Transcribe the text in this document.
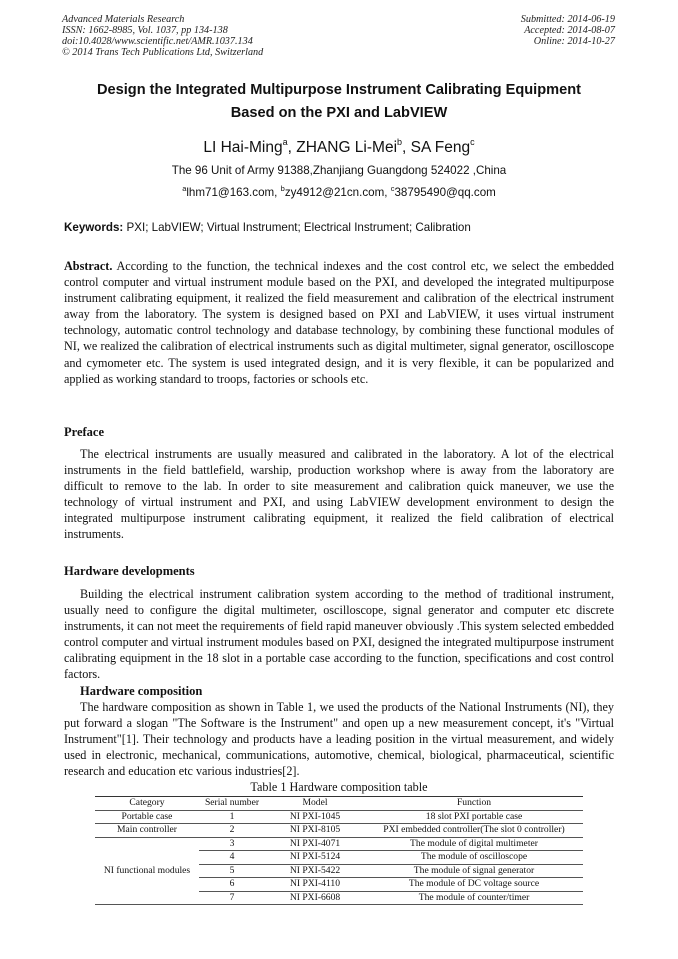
Advanced Materials Research
ISSN: 1662-8985, Vol. 1037, pp 134-138
doi:10.4028/www.scientific.net/AMR.1037.134
© 2014 Trans Tech Publications Ltd, Switzerland
Submitted: 2014-06-19
Accepted: 2014-08-07
Online: 2014-10-27
Design the Integrated Multipurpose Instrument Calibrating Equipment
Based on the PXI and LabVIEW
LI Hai-Ming$^a$, ZHANG Li-Mei$^b$, SA Feng$^c$
The 96 Unit of Army 91388,Zhanjiang Guangdong 524022 ,China
$^a$lhm71@163.com, $^b$zy4912@21cn.com, $^c$38795490@qq.com
Keywords: PXI; LabVIEW; Virtual Instrument; Electrical Instrument; Calibration
Abstract. According to the function, the technical indexes and the cost control etc, we select the embedded control computer and virtual instrument module based on the PXI, and developed the integrated multipurpose instrument calibrating equipment, it realized the field measurement and calibration of the electrical instrument away from the laboratory. The system is designed based on PXI and LabVIEW, it uses virtual instrument technology, automatic control technology and database technology, by combining these functional modules of NI, we realized the calibration of electrical instruments such as digital multimeter, signal generator, oscilloscope and cymometer etc. The system is used integrated design, and it is very flexible, it can be popularized and applied as working standard to troops, factories or schools etc.
Preface
The electrical instruments are usually measured and calibrated in the laboratory. A lot of the electrical instruments in the field battlefield, warship, production workshop where is away from the laboratory are difficult to remove to the lab. In order to site measurement and calibration quick maneuver, we use the technology of virtual instrument and PXI, and using LabVIEW development environment to design the integrated multipurpose instrument calibrating equipment, it realized the field calibration of electrical instruments.
Hardware developments
Building the electrical instrument calibration system according to the method of traditional instrument, usually need to configure the digital multimeter, oscilloscope, signal generator and computer etc discrete instruments, it can not meet the requirements of field rapid maneuver obviously .This system selected embedded control computer and virtual instrument modules based on PXI, designed the integrated multipurpose instrument calibrating equipment in the 18 slot in a portable case according to the function, specifications and cost control factors.
Hardware composition
The hardware composition as shown in Table 1, we used the products of the National Instruments (NI), they put forward a slogan "The Software is the Instrument" and open up a new measurement concept, it's "Virtual Instrument"[1]. Their technology and products have a leading position in the virtual measurement, and widely used in electronic, mechanical, communications, automotive, chemical, biological, pharmaceutical, scientific research and education etc various industries[2].
Table 1 Hardware composition table
Category	Serial number	Model	Function
Portable case	1	NI PXI-1045	18 slot PXI portable case
Main controller	2	NI PXI-8105	PXI embedded controller(The slot 0 controller)
NI functional modules	3	NI PXI-4071	The module of digital multimeter
	4	NI PXI-5124	The module of oscilloscope
	5	NI PXI-5422	The module of signal generator
	6	NI PXI-4110	The module of DC voltage source
	7	NI PXI-6608	The module of counter/timer
